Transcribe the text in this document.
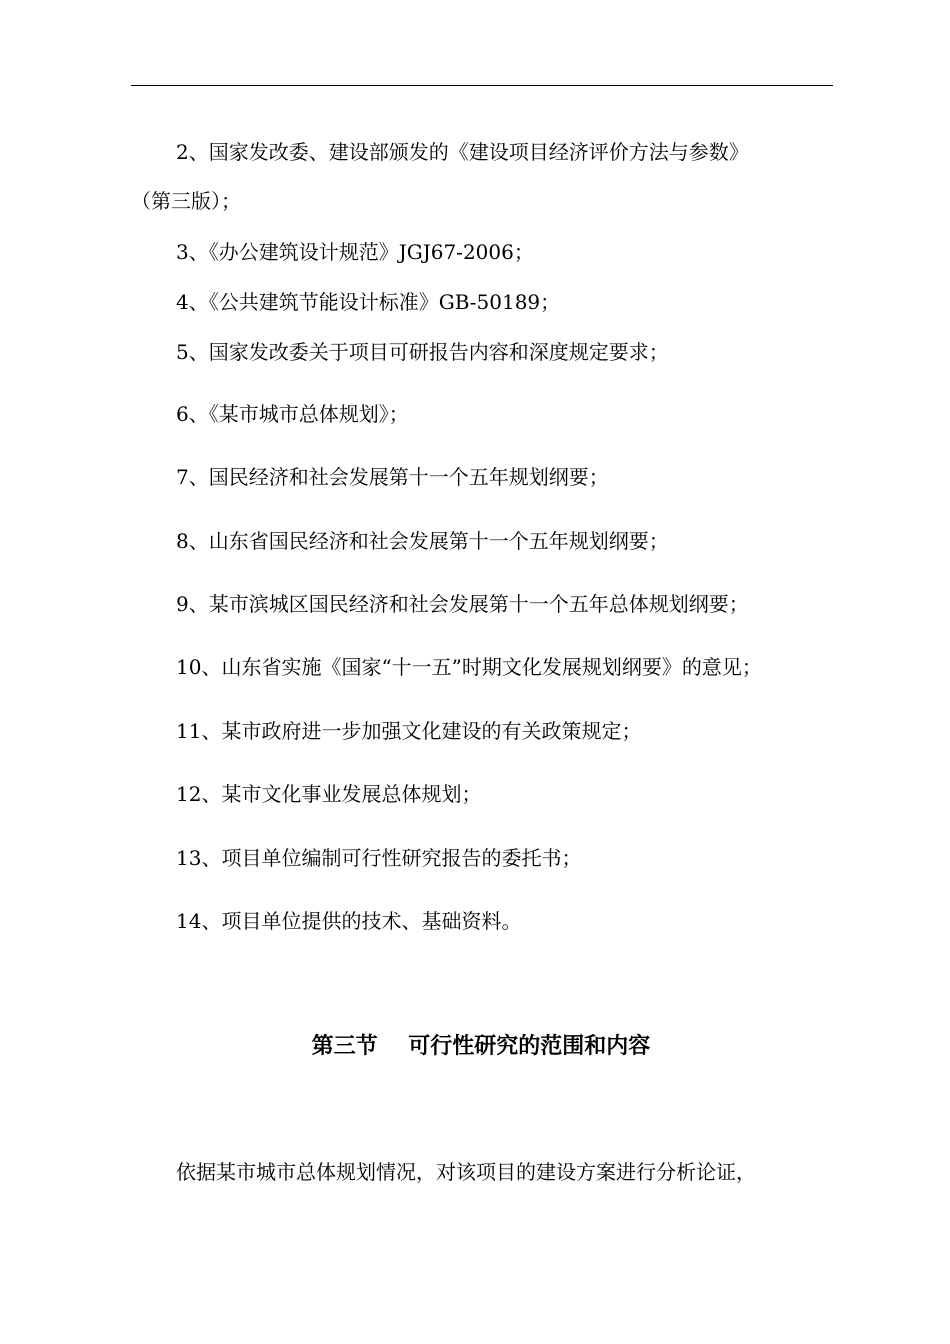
2、国家发改委、建设部颁发的《建设项目经济评价方法与参数》
（第三版）；
3、《办公建筑设计规范》JGJ67-2006；
4、《公共建筑节能设计标准》GB-50189；
5、国家发改委关于项目可研报告内容和深度规定要求；
6、《某市城市总体规划》；
7、国民经济和社会发展第十一个五年规划纲要；
8、山东省国民经济和社会发展第十一个五年规划纲要；
9、某市滨城区国民经济和社会发展第十一个五年总体规划纲要；
10、山东省实施《国家“十一五”时期文化发展规划纲要》的意见；
11、某市政府进一步加强文化建设的有关政策规定；
12、某市文化事业发展总体规划；
13、项目单位编制可行性研究报告的委托书；
14、项目单位提供的技术、基础资料。
第三节    可行性研究的范围和内容
依据某市城市总体规划情况，对该项目的建设方案进行分析论证，
